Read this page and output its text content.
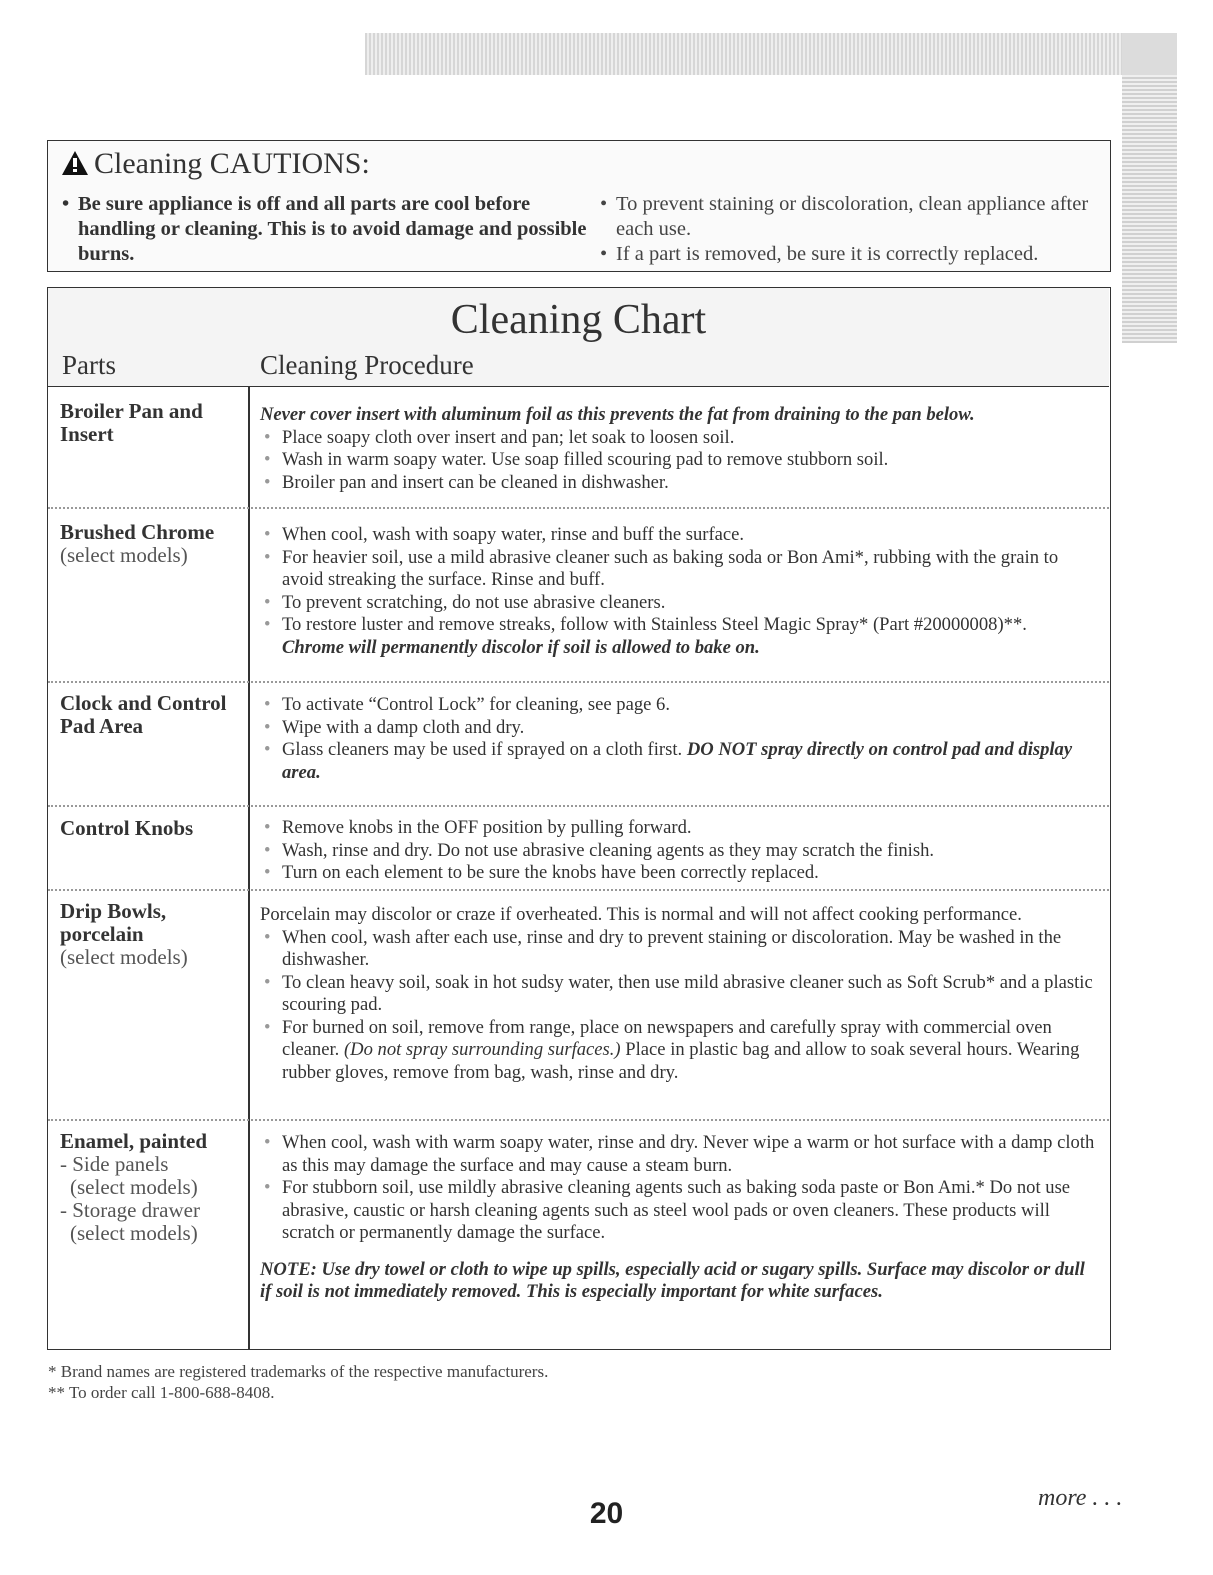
Cleaning CAUTIONS:
• Be sure appliance is off and all parts are cool before handling or cleaning. This is to avoid damage and possible burns.
• To prevent staining or discoloration, clean appliance after each use.
• If a part is removed, be sure it is correctly replaced.
Cleaning Chart
Parts	Cleaning Procedure
Broiler Pan and Insert

Never cover insert with aluminum foil as this prevents the fat from draining to the pan below.

• Place soapy cloth over insert and pan; let soak to loosen soil.

• Wash in warm soapy water. Use soap filled scouring pad to remove stubborn soil.

• Broiler pan and insert can be cleaned in dishwasher.

Brushed Chrome
(select models)

• When cool, wash with soapy water, rinse and buff the surface.

• For heavier soil, use a mild abrasive cleaner such as baking soda or Bon Ami*, rubbing with the grain to avoid streaking the surface. Rinse and buff.

• To prevent scratching, do not use abrasive cleaners.

• To restore luster and remove streaks, follow with Stainless Steel Magic Spray* (Part #20000008)**.

Chrome will permanently discolor if soil is allowed to bake on.

Clock and Control Pad Area

• To activate “Control Lock” for cleaning, see page 6.

• Wipe with a damp cloth and dry.

• Glass cleaners may be used if sprayed on a cloth first. DO NOT spray directly on control pad and display area.

Control Knobs

•	Remove knobs in the OFF position by pulling forward.

• Wash, rinse and dry. Do not use abrasive cleaning agents as they may scratch the finish.

• Turn on each element to be sure the knobs have been correctly replaced.

Drip Bowls, porcelain
(select models)

Porcelain may discolor or craze if overheated. This is normal and will not affect cooking performance.

• When cool, wash after each use, rinse and dry to prevent staining or discoloration. May be washed in the dishwasher.

• To clean heavy soil, soak in hot sudsy water, then use mild abrasive cleaner such as Soft Scrub* and a plastic scouring pad.

• For burned on soil, remove from range, place on newspapers and carefully spray with commercial oven cleaner. (Do not spray surrounding surfaces.) Place in plastic bag and allow to soak several hours. Wearing rubber gloves, remove from bag, wash, rinse and dry.

Enamel, painted
- Side panels
(select models)
- Storage drawer
(select models)

• When cool, wash with warm soapy water, rinse and dry. Never wipe a warm or hot surface with a damp cloth as this may damage the surface and may cause a steam burn.

• For stubborn soil, use mildly abrasive cleaning agents such as baking soda paste or Bon Ami.* Do not use abrasive, caustic or harsh cleaning agents such as steel wool pads or oven cleaners. These products will scratch or permanently damage the surface.

NOTE: Use dry towel or cloth to wipe up spills, especially acid or sugary spills. Surface may discolor or dull if soil is not immediately removed. This is especially important for white surfaces.

* Brand names are registered trademarks of the respective manufacturers.
** To order call 1-800-688-8408.
20	more . . .
